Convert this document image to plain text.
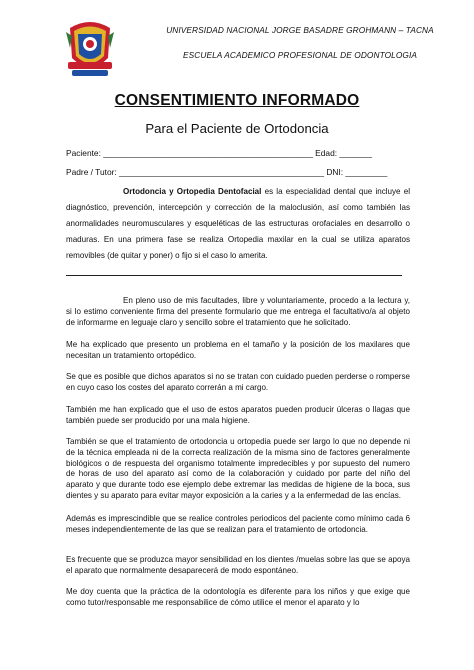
UNIVERSIDAD NACIONAL JORGE BASADRE GROHMANN – TACNA
ESCUELA ACADEMICO PROFESIONAL DE ODONTOLOGIA
CONSENTIMIENTO INFORMADO
Para el Paciente de Ortodoncia
Paciente: _____________________________________________ Edad: _______
Padre / Tutor: ____________________________________________ DNI: _________
Ortodoncia y Ortopedia Dentofacial es la especialidad dental que incluye el diagnóstico, prevención, intercepción y corrección de la maloclusión, así como también las anormalidades neuromusculares y esqueléticas de las estructuras orofaciales en desarrollo o maduras. En una primera fase se realiza Ortopedia maxilar en la cual se utiliza aparatos removibles (de quitar y poner) o fijo si el caso lo amerita.
En pleno uso de mis facultades, libre y voluntariamente, procedo a la lectura y, si lo estimo conveniente firma del presente formulario que me entrega el facultativo/a al objeto de informarme en leguaje claro y sencillo sobre el tratamiento que he solicitado.
Me ha explicado que presento un problema en el tamaño y la posición de los maxilares que necesitan un tratamiento ortopédico.
Se que es posible que dichos aparatos si no se tratan con cuidado pueden perderse o romperse en cuyo caso los costes del aparato correrán a mi cargo.
También me han explicado que el uso de estos aparatos pueden producir úlceras o llagas que también puede ser producido por una mala higiene.
También se que el tratamiento de ortodoncia u ortopedia puede ser largo lo que no depende ni de la técnica empleada ni de la correcta realización de la misma sino de factores generalmente biológicos o de respuesta del organismo totalmente impredecibles y por supuesto del numero de horas de uso del aparato así como de la colaboración y cuidado por parte del niño del aparato y que durante todo ese ejemplo debe extremar las medidas de higiene de la boca, sus dientes y su aparato para evitar mayor exposición a la caries y a la enfermedad de las encías.
Además es imprescindible que se realice controles periodicos del paciente como mínimo cada 6 meses independientemente de las que se realizan para el tratamiento de ortodoncia.
Es frecuente que se produzca mayor sensibilidad en los dientes /muelas sobre las que se apoya el aparato que normalmente desaparecerá de modo espontáneo.
Me doy cuenta que la práctica de la odontología es diferente para los niños y que exige que como tutor/responsable me responsabilice de cómo utilice el menor el aparato y lo
